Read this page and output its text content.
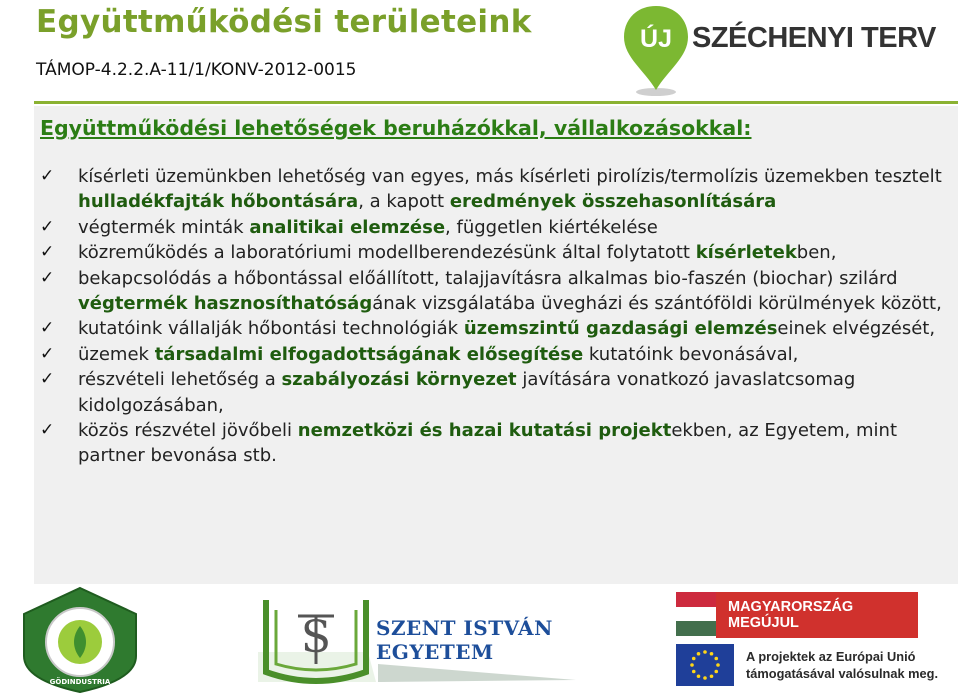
Együttműködési területeink
TÁMOP-4.2.2.A-11/1/KONV-2012-0015
ÚJ SZÉCHENYI TERV
Együttműködési lehetőségek beruházókkal, vállalkozásokkal:
✓ kísérleti üzemünkben lehetőség van egyes, más kísérleti pirolízis/termolízis üzemekben tesztelt hulladékfajták hőbontására, a kapott eredmények összehasonlítására
✓ végtermék minták analitikai elemzése, független kiértékelése
✓ közreműködés a laboratóriumi modellberendezésünk által folytatott kísérletekben,
✓ bekapcsolódás a hőbontással előállított, talajjavításra alkalmas bio-faszén (biochar) szilárd végtermék hasznosíthatóságának vizsgálatába üvegházi és szántóföldi körülmények között,
✓ kutatóink vállalják hőbontási technológiák üzemszintű gazdasági elemzéseinek elvégzését,
✓ üzemek társadalmi elfogadottságának elősegítése kutatóink bevonásával,
✓ részvételi lehetőség a szabályozási környezet javítására vonatkozó javaslatcsomag kidolgozásában,
✓ közös részvétel jövőbeli nemzetközi és hazai kutatási projektekben, az Egyetem, mint partner bevonása stb.
GÖDINDUSTRIA
S SZENT ISTVÁN
EGYETEM
MAGYARORSZÁG MEGÚJUL
A projektek az Európai Unió
támogatásával valósulnak meg.
